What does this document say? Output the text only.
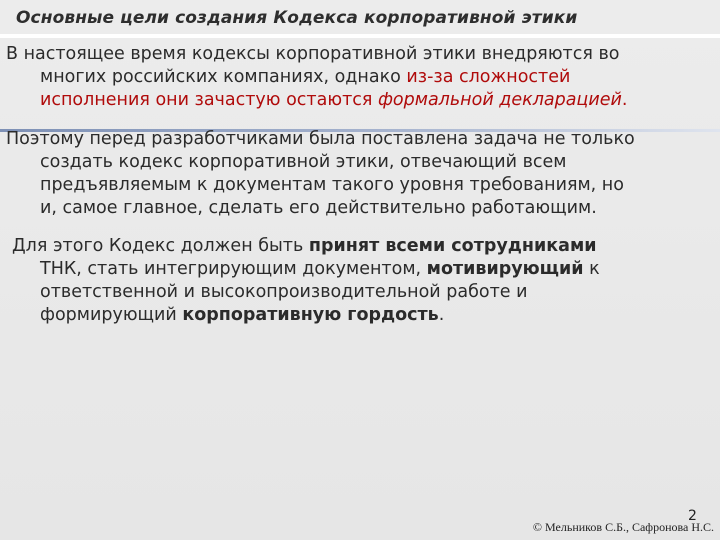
Основные цели создания Кодекса корпоративной этики
В настоящее время кодексы корпоративной этики внедряются во
многих российских компаниях, однако из-за сложностей
исполнения они зачастую остаются формальной декларацией.
Поэтому перед разработчиками была поставлена задача не только
создать кодекс корпоративной этики, отвечающий всем
предъявляемым к документам такого уровня требованиям, но
и, самое главное, сделать его действительно работающим.
Для этого Кодекс должен быть принят всеми сотрудниками
ТНК, стать интегрирующим документом, мотивирующий к
ответственной и высокопроизводительной работе и
формирующий корпоративную гордость.
2
© Мельников С.Б., Сафронова Н.С.
